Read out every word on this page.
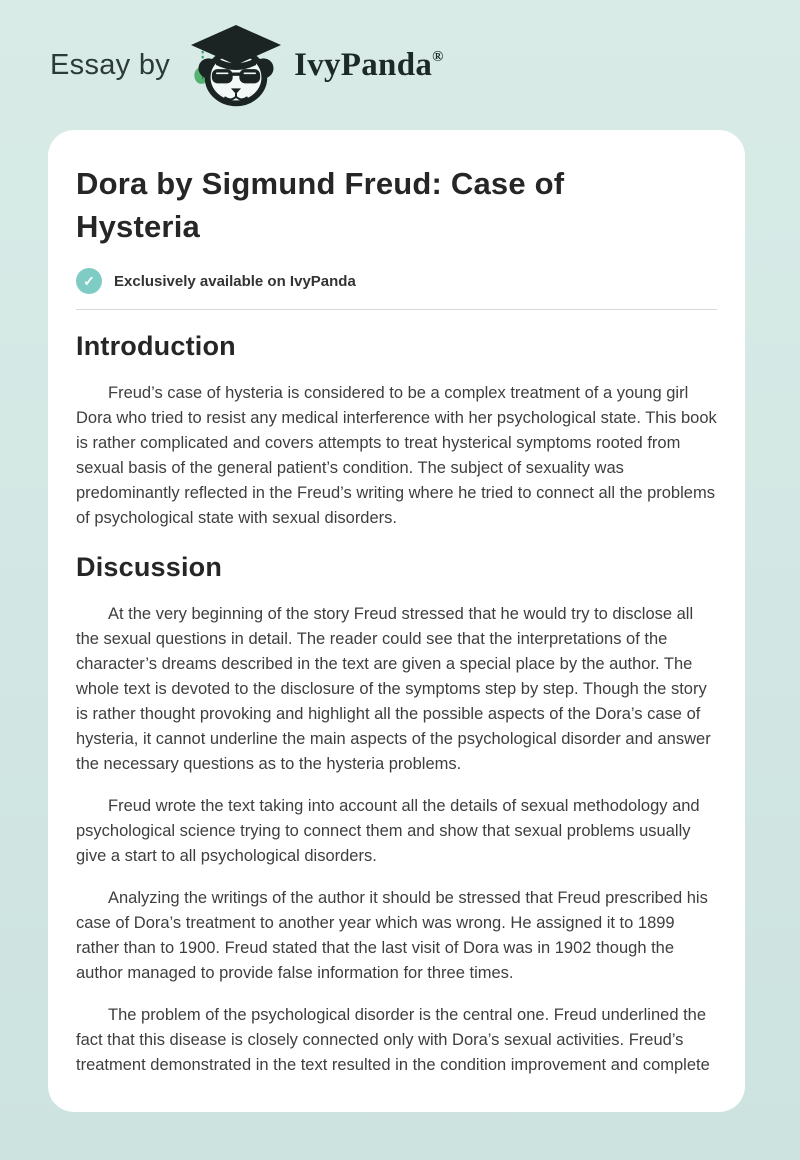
Essay by	IvyPanda®
Dora by Sigmund Freud: Case of Hysteria
✓	Exclusively available on IvyPanda
Introduction

Freud’s case of hysteria is considered to be a complex treatment of a young girl Dora who tried to resist any medical interference with her psychological state. This book is rather complicated and covers attempts to treat hysterical symptoms rooted from sexual basis of the general patient’s condition. The subject of sexuality was predominantly reflected in the Freud’s writing where he tried to connect all the problems of psychological state with sexual disorders.

Discussion

At the very beginning of the story Freud stressed that he would try to disclose all the sexual questions in detail. The reader could see that the interpretations of the character’s dreams described in the text are given a special place by the author. The whole text is devoted to the disclosure of the symptoms step by step. Though the story is rather thought provoking and highlight all the possible aspects of the Dora’s case of hysteria, it cannot underline the main aspects of the psychological disorder and answer the necessary questions as to the hysteria problems.

Freud wrote the text taking into account all the details of sexual methodology and psychological science trying to connect them and show that sexual problems usually give a start to all psychological disorders.

Analyzing the writings of the author it should be stressed that Freud prescribed his case of Dora’s treatment to another year which was wrong. He assigned it to 1899 rather than to 1900. Freud stated that the last visit of Dora was in 1902 though the author managed to provide false information for three times.

The problem of the psychological disorder is the central one. Freud underlined the fact that this disease is closely connected only with Dora’s sexual activities. Freud’s treatment demonstrated in the text resulted in the condition improvement and complete
